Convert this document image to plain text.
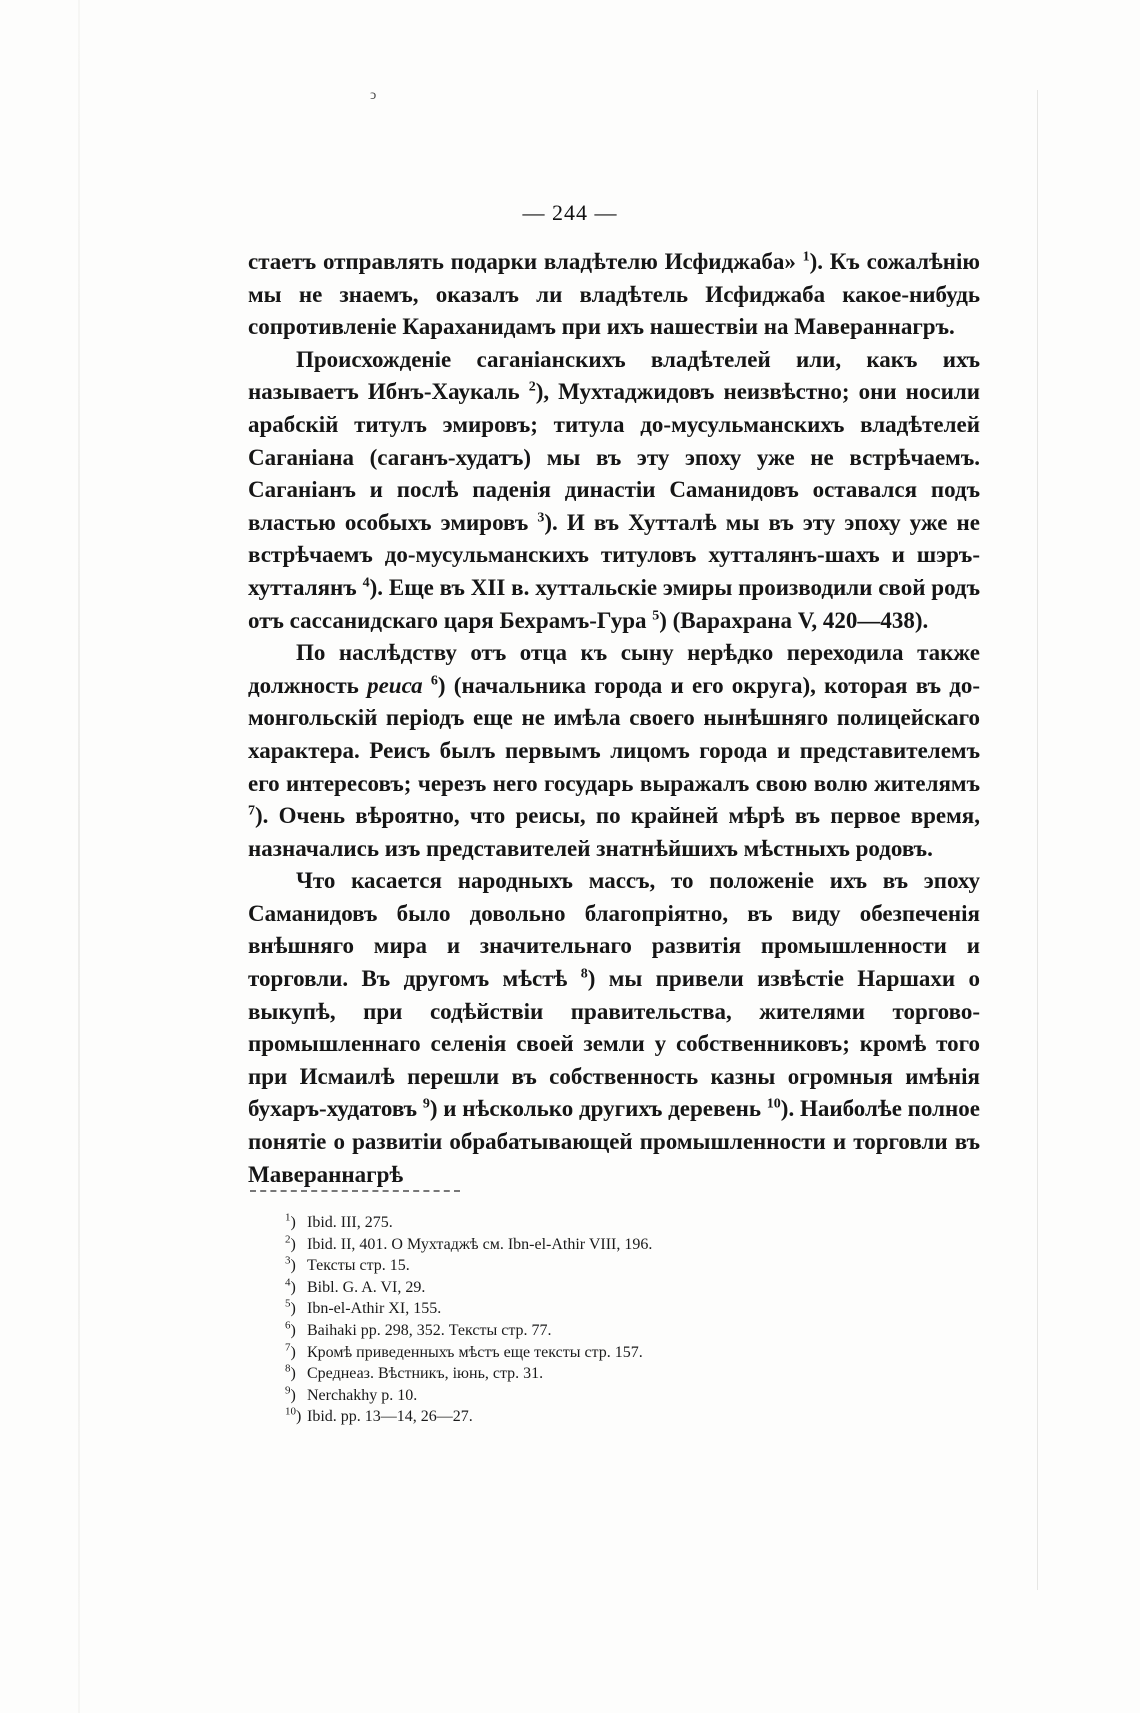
ͻ
— 244 —

стаетъ отправлять подарки владѣтелю Исфиджаба» $^1$). Къ сожалѣнію мы не знаемъ, оказалъ ли владѣтель Исфиджаба какое-нибудь сопротивленіе Караханидамъ при ихъ нашествіи на Мавераннагръ.

Происхожденіе саганіанскихъ владѣтелей или, какъ ихъ называетъ Ибнъ-Хаукаль $^2$), Мухтаджидовъ неизвѣстно; они носили арабскій титулъ эмировъ; титула до-мусульманскихъ владѣтелей Саганіана (саганъ-худатъ) мы въ эту эпоху уже не встрѣчаемъ. Саганіанъ и послѣ паденія династіи Саманидовъ оставался подъ властью особыхъ эмировъ $^3$). И въ Хутталѣ мы въ эту эпоху уже не встрѣчаемъ до-мусульманскихъ титуловъ хутталянъ-шахъ и шэръ-хутталянъ $^4$). Еще въ XII в. хуттальскіе эмиры производили свой родъ отъ сассанидскаго царя Бехрамъ-Гура $^5$) (Варахрана V, 420—438).

По наслѣдству отъ отца къ сыну нерѣдко переходила также должность реиса $^6$) (начальника города и его округа), которая въ до-монгольскій періодъ еще не имѣла своего нынѣшняго полицейскаго характера. Реисъ былъ первымъ лицомъ города и представителемъ его интересовъ; черезъ него государь выражалъ свою волю жителямъ $^7$). Очень вѣроятно, что реисы, по крайней мѣрѣ въ первое время, назначались изъ представителей знатнѣйшихъ мѣстныхъ родовъ.

Что касается народныхъ массъ, то положеніе ихъ въ эпоху Саманидовъ было довольно благопріятно, въ виду обезпеченія внѣшняго мира и значительнаго развитія промышленности и торговли. Въ другомъ мѣстѣ $^8$) мы привели извѣстіе Наршахи о выкупѣ, при содѣйствіи правительства, жителями торгово-промышленнаго селенія своей земли у собственниковъ; кромѣ того при Исмаилѣ перешли въ собственность казны огромныя имѣнія бухаръ-худатовъ $^9$) и нѣсколько другихъ деревень $^{10}$). Наиболѣе полное понятіе о развитіи обрабатывающей промышленности и торговли въ Мавераннагрѣ

$^1$)Ibid. III, 275.
$^2$)Ibid. II, 401. О Мухтаджѣ см. Ibn-el-Athir VIII, 196.
$^3$)Тексты стр. 15.
$^4$)Bibl. G. A. VI, 29.
$^5$)Ibn-el-Athir XI, 155.
$^6$)Baihaki pp. 298, 352. Тексты стр. 77.
$^7$)Кромѣ приведенныхъ мѣстъ еще тексты стр. 157.
$^8$)Среднеаз. Вѣстникъ, іюнь, стр. 31.
$^9$)Nerchakhy p. 10.
$^{10}$)Ibid. pp. 13—14, 26—27.
